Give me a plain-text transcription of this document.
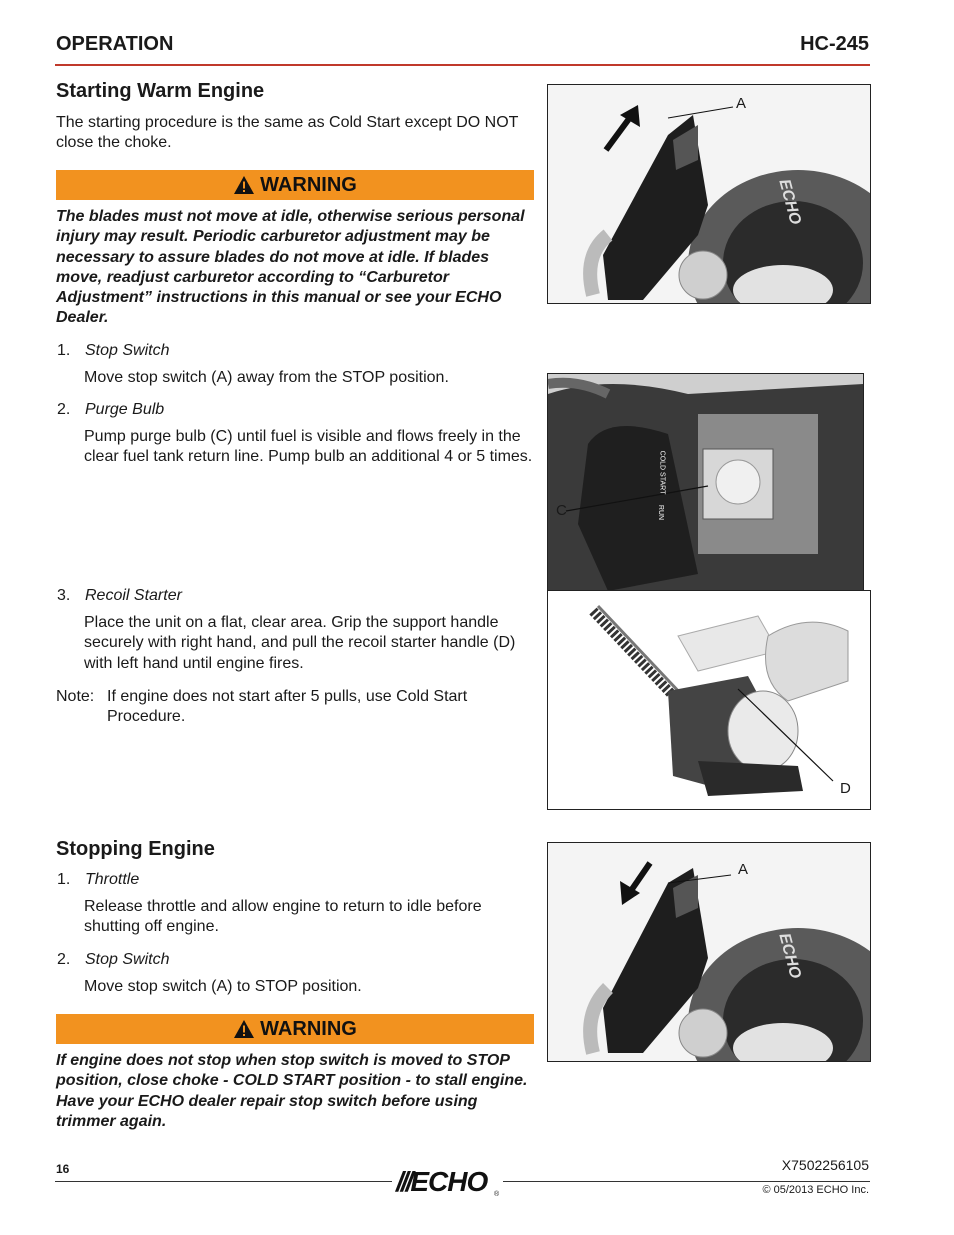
OPERATION	HC-245
Starting Warm Engine

The starting procedure is the same as Cold Start except DO NOT close the choke.

WARNING

The blades must not move at idle, otherwise serious personal injury may result. Periodic carburetor adjustment may be necessary to assure blades do not move at idle. If blades move, readjust carburetor according to “Carburetor Adjustment” instructions in this manual or see your ECHO Dealer.

1. Stop Switch

Move stop switch (A) away from the STOP position.

2. Purge Bulb

Pump purge bulb (C) until fuel is visible and flows freely in the clear fuel tank return line. Pump bulb an additional 4 or 5 times.

3. Recoil Starter

Place the unit on a flat, clear area. Grip the support handle securely with right hand, and pull the recoil starter handle (D) with left hand until engine fires.

Note: If engine does not start after 5 pulls, use Cold Start Procedure.

Stopping Engine
1. Throttle

Release throttle and allow engine to return to idle before shutting off engine.

2. Stop Switch

Move stop switch (A) to STOP position.

WARNING

If engine does not stop when stop switch is moved to STOP position, close choke - COLD START position - to stall engine. Have your ECHO dealer repair stop switch before using trimmer again.

A
ECHO
C
COLD START
RUN
D
A
ECHO
16	///ECHO ®
X7502256105
© 05/2013 ECHO Inc.
